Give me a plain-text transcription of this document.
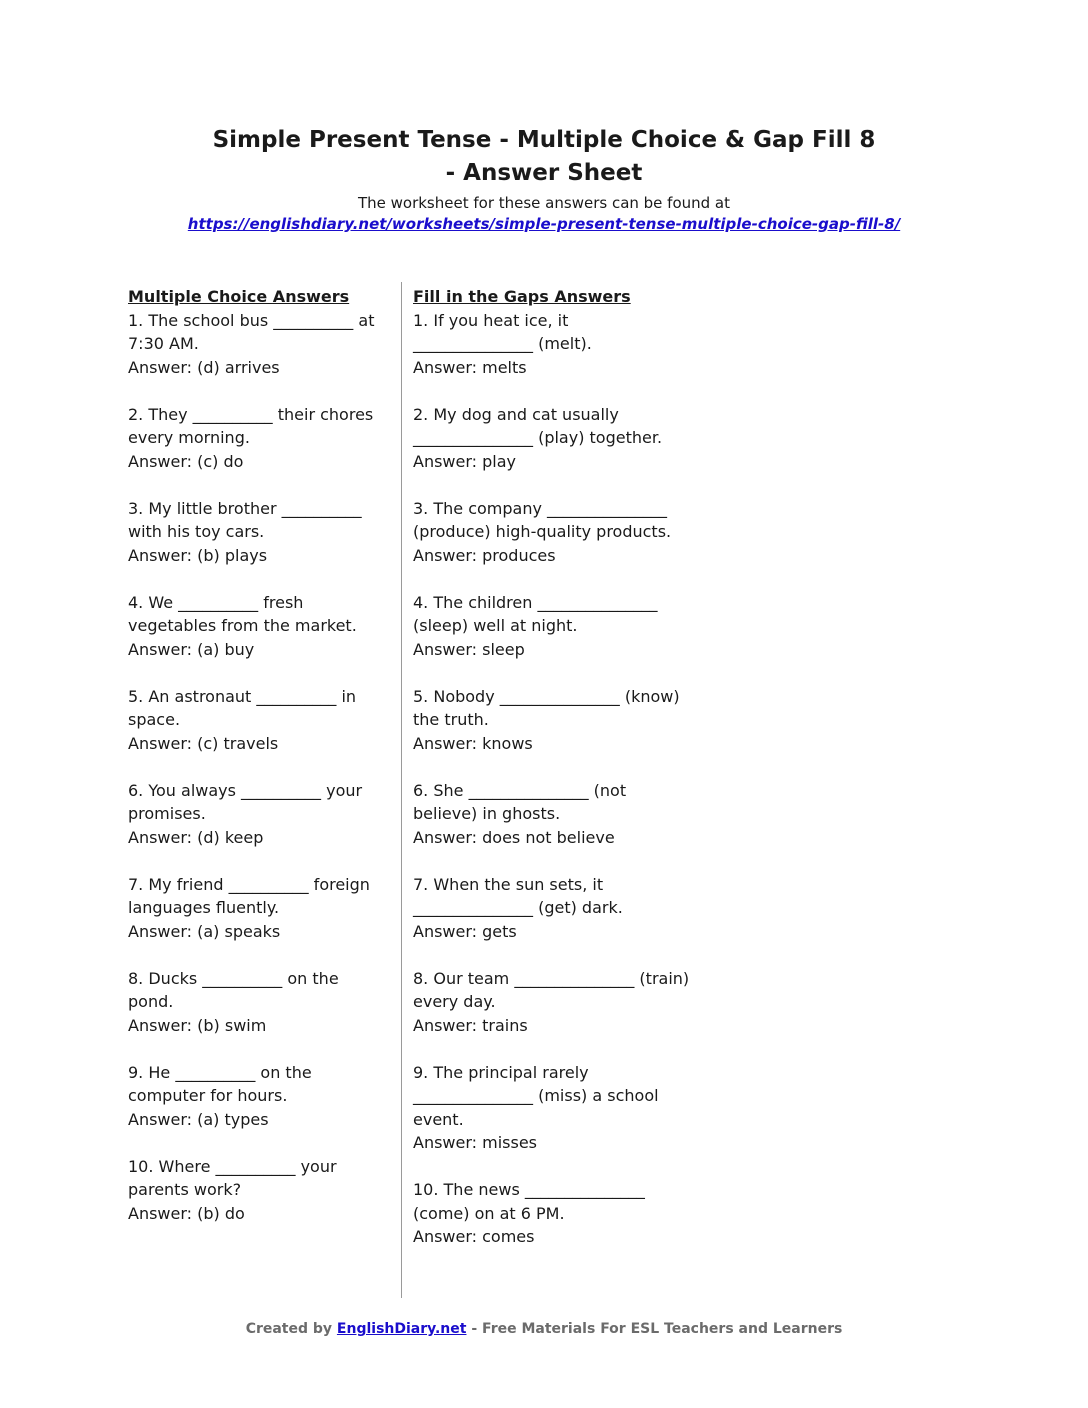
Simple Present Tense - Multiple Choice & Gap Fill 8
- Answer Sheet
The worksheet for these answers can be found at
https://englishdiary.net/worksheets/simple-present-tense-multiple-choice-gap-fill-8/
Multiple Choice Answers

1. The school bus __________ at 7:30 AM.

Answer: (d) arrives

2. They __________ their chores every morning.

Answer: (c) do

3. My little brother __________ with his toy cars.

Answer: (b) plays

4. We __________ fresh vegetables from the market.

Answer: (a) buy

5. An astronaut __________ in space.

Answer: (c) travels

6. You always __________ your promises.

Answer: (d) keep

7. My friend __________ foreign languages fluently.

Answer: (a) speaks

8. Ducks __________ on the pond.

Answer: (b) swim

9. He __________ on the computer for hours.

Answer: (a) types

10. Where __________ your parents work?

Answer: (b) do

Fill in the Gaps Answers

1. If you heat ice, it _______________ (melt).

Answer: melts

2. My dog and cat usually _______________ (play) together.

Answer: play

3. The company _______________ (produce) high-quality products.

Answer: produces

4. The children _______________ (sleep) well at night.

Answer: sleep

5. Nobody _______________ (know) the truth.

Answer: knows

6. She _______________ (not believe) in ghosts.

Answer: does not believe

7. When the sun sets, it _______________ (get) dark.

Answer: gets

8. Our team _______________ (train) every day.

Answer: trains

9. The principal rarely _______________ (miss) a school event.

Answer: misses

10. The news _______________ (come) on at 6 PM.

Answer: comes

Created by EnglishDiary.net - Free Materials For ESL Teachers and Learners
